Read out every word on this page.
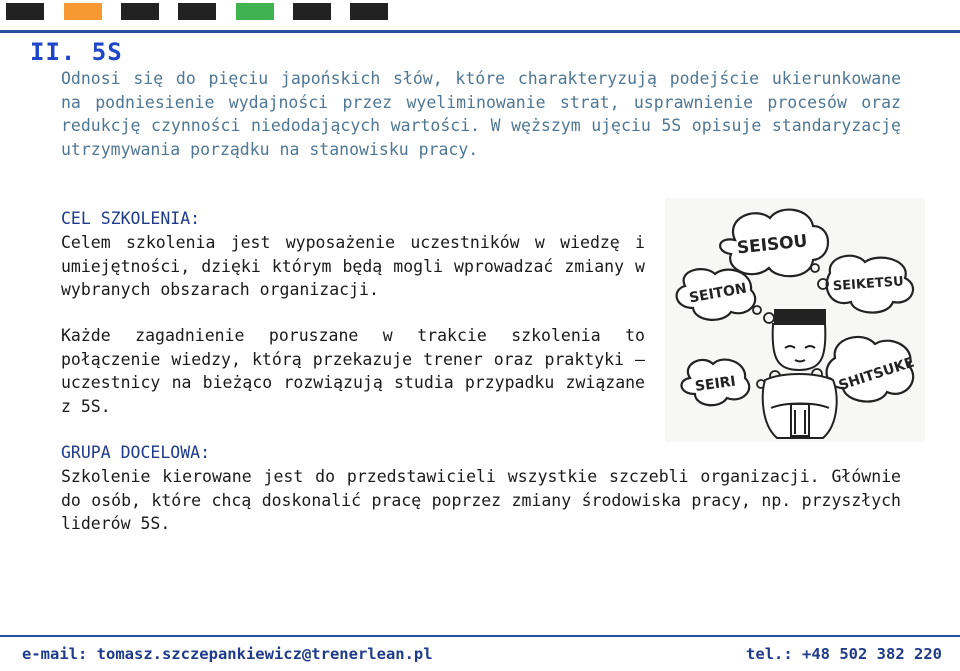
II. 5S

Odnosi się do pięciu japońskich słów, które charakteryzują podejście ukierunkowane na podniesienie wydajności przez wyeliminowanie strat, usprawnienie procesów oraz redukcję czynności niedodających wartości. W węższym ujęciu 5S opisuje standaryzację utrzymywania porządku na stanowisku pracy.

CEL SZKOLENIA:

Celem szkolenia jest wyposażenie uczestników w wiedzę i umiejętności, dzięki którym będą mogli wprowadzać zmiany w wybranych obszarach organizacji.

Każde zagadnienie poruszane w trakcie szkolenia to połączenie wiedzy, którą przekazuje trener oraz praktyki – uczestnicy na bieżąco rozwiązują studia przypadku związane z 5S.

SEISOU
SEIKETSU
SEITON
SEIRI	SHITSUKE
GRUPA DOCELOWA:

Szkolenie kierowane jest do przedstawicieli wszystkie szczebli organizacji. Głównie do osób, które chcą doskonalić pracę poprzez zmiany środowiska pracy, np. przyszłych liderów 5S.

e-mail: tomasz.szczepankiewicz@trenerlean.pl	tel.: +48 502 382 220
